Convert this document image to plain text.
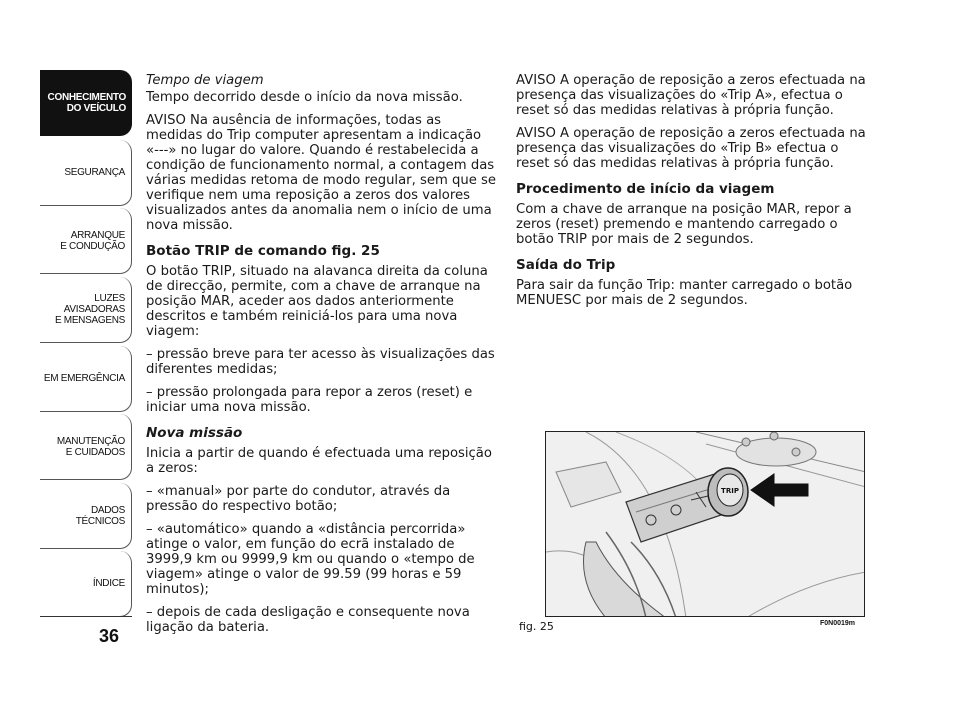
CONHECIMENTO
DO VEÍCULO
SEGURANÇA
ARRANQUE
E CONDUÇÃO
LUZES
AVISADORAS
E MENSAGENS
EM EMERGÊNCIA
MANUTENÇÃO
E CUIDADOS
DADOS
TÉCNICOS
ÍNDICE
36

Tempo de viagem

Tempo decorrido desde o início da nova missão.

AVISO Na ausência de informações, todas as medidas do Trip computer apresentam a indicação «---» no lugar do valore. Quando é restabelecida a condição de funcionamento normal, a contagem das várias medidas retoma de modo regular, sem que se verifique nem uma reposição a zeros dos valores visualizados antes da anomalia nem o início de uma nova missão.

Botão TRIP de comando fig. 25

O botão TRIP, situado na alavanca direita da coluna de direcção, permite, com a chave de arranque na posição MAR, aceder aos dados anteriormente descritos e também reiniciá-los para uma nova viagem:

– pressão breve para ter acesso às visualizações das diferentes medidas;

– pressão prolongada para repor a zeros (reset) e iniciar uma nova missão.

Nova missão

Inicia a partir de quando é efectuada uma reposição a zeros:

– «manual» por parte do condutor, através da pressão do respectivo botão;

– «automático» quando a «distância percorrida» atinge o valor, em função do ecrã instalado de 3999,9 km ou 9999,9 km ou quando o «tempo de viagem» atinge o valor de 99.59 (99 horas e 59 minutos);

– depois de cada desligação e consequente nova ligação da bateria.

AVISO A operação de reposição a zeros efectuada na presença das visualizações do «Trip A», efectua o reset só das medidas relativas à própria função.

AVISO A operação de reposição a zeros efectuada na presença das visualizações do «Trip B» efectua o reset só das medidas relativas à própria função.

Procedimento de início da viagem

Com a chave de arranque na posição MAR, repor a zeros (reset) premendo e mantendo carregado o botão TRIP por mais de 2 segundos.

Saída do Trip

Para sair da função Trip: manter carregado o botão MENUESC por mais de 2 segundos.

TRIP
fig. 25	F0N0019m
